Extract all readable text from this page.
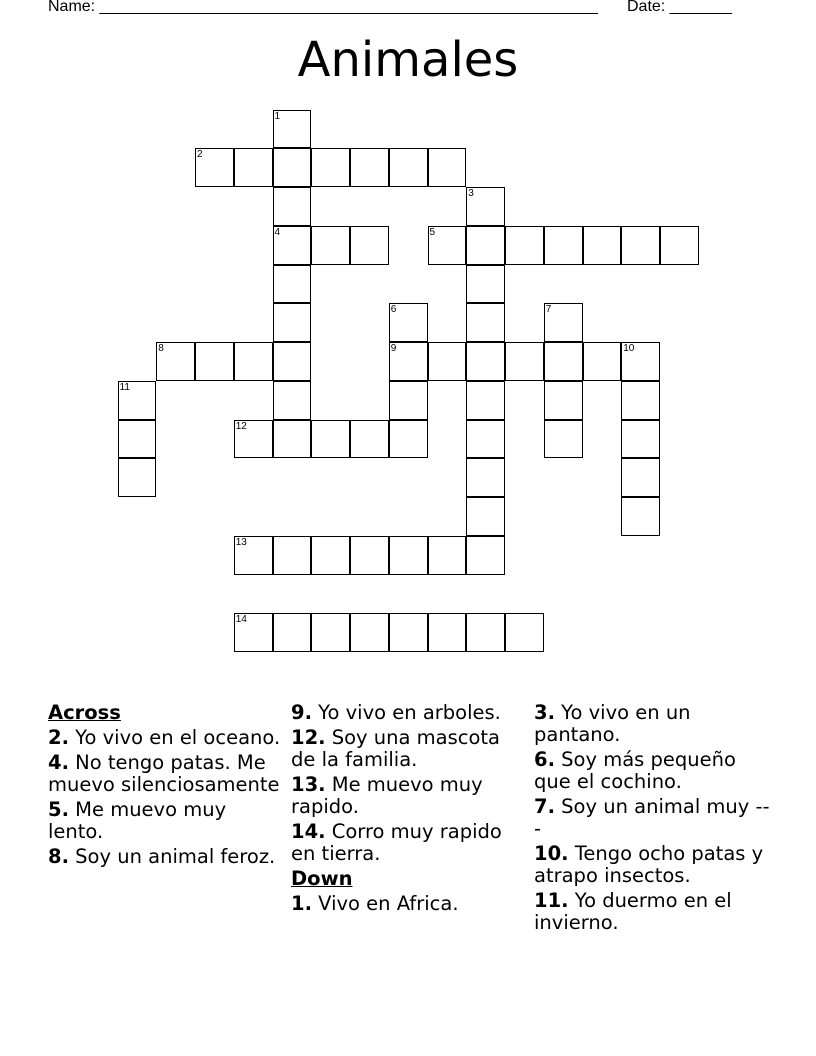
Name: ________________________________________________________ Date: _______
Animales
2
4	5
8	9	10
12
13
14
1
3
6	7
11
Across
2. Yo vivo en el oceano.
4. No tengo patas. Me muevo silenciosamente
5. Me muevo muy lento.
8. Soy un animal feroz.
9. Yo vivo en arboles.
12. Soy una mascota de la familia.
13. Me muevo muy rapido.
14. Corro muy rapido en tierra.
Down
1. Vivo en Africa.
3. Yo vivo en un pantano.
6. Soy más pequeño que el cochino.
7. Soy un animal muy ---
10. Tengo ocho patas y atrapo insectos.
11. Yo duermo en el invierno.
